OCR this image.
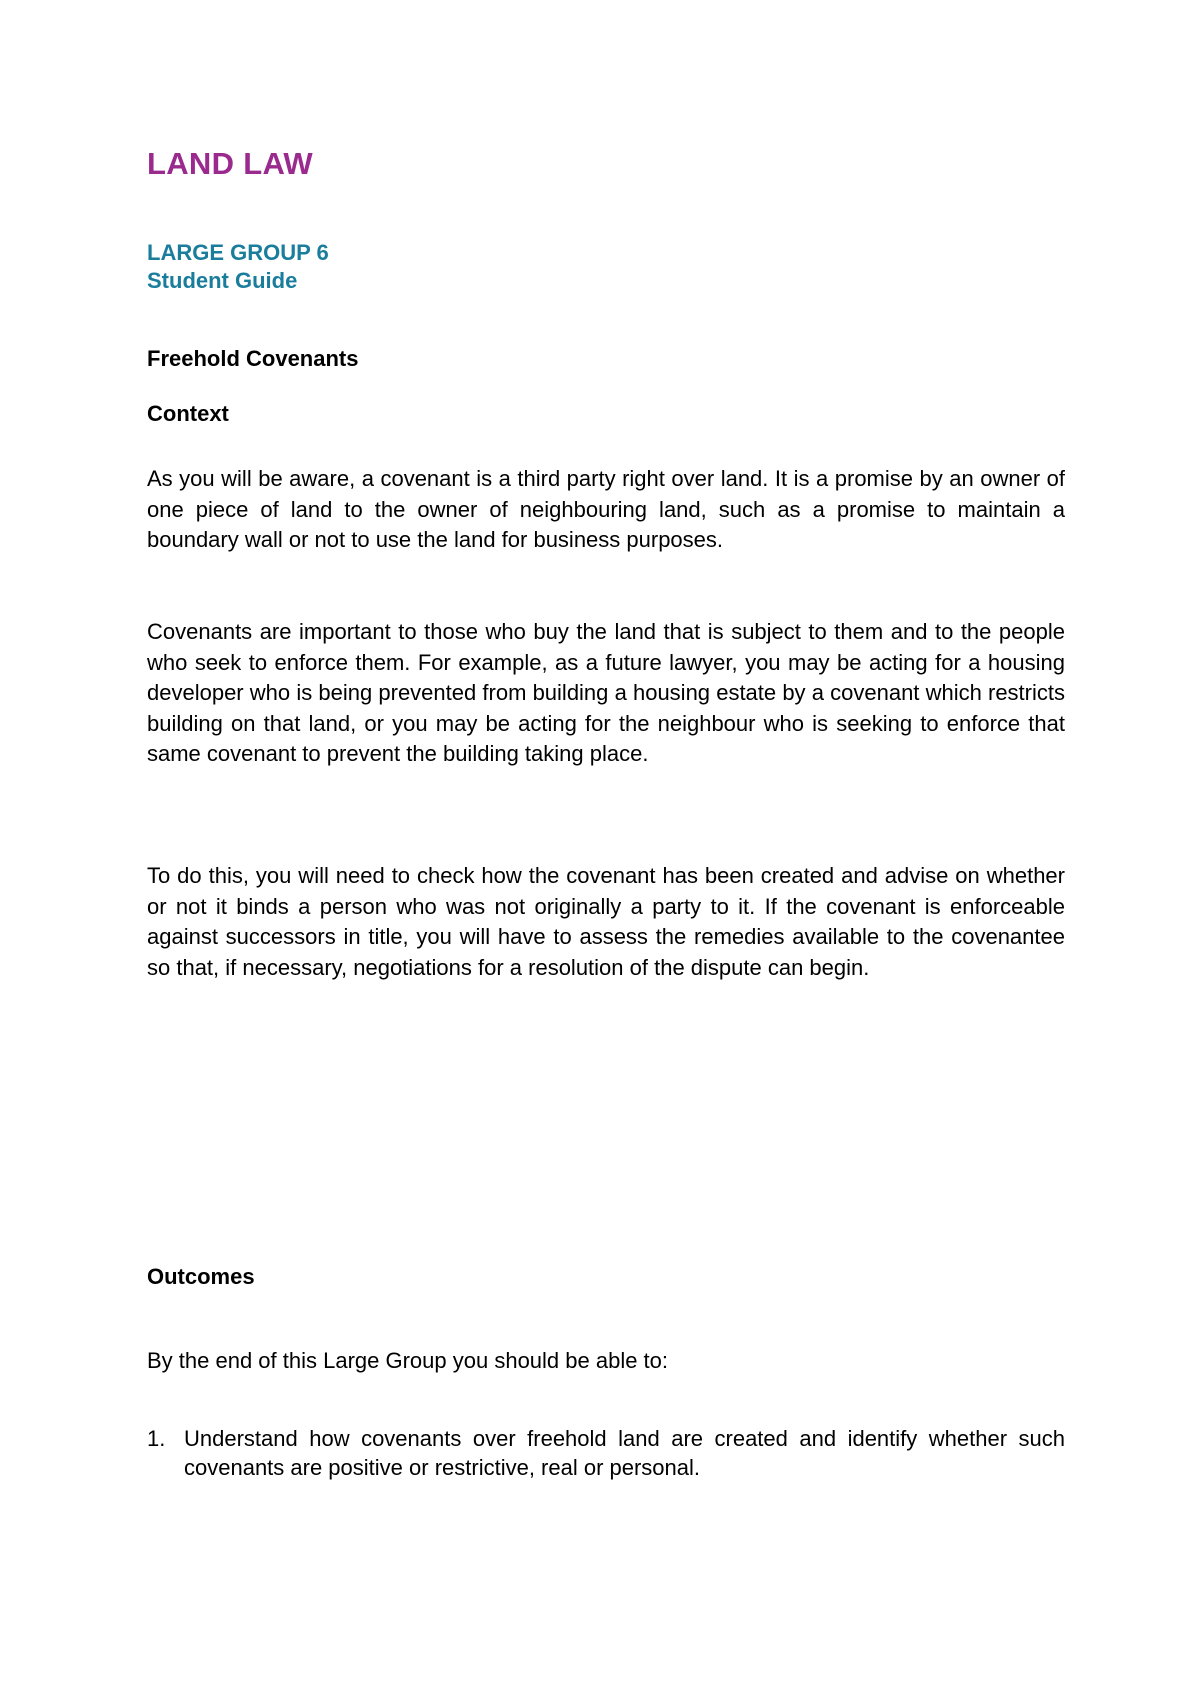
LAND LAW

LARGE GROUP 6

Student Guide

Freehold Covenants
Context

As you will be aware, a covenant is a third party right over land. It is a promise by an owner of one piece of land to the owner of neighbouring land, such as a promise to maintain a boundary wall or not to use the land for business purposes.

Covenants are important to those who buy the land that is subject to them and to the people who seek to enforce them. For example, as a future lawyer, you may be acting for a housing developer who is being prevented from building a housing estate by a covenant which restricts building on that land, or you may be acting for the neighbour who is seeking to enforce that same covenant to prevent the building taking place.

To do this, you will need to check how the covenant has been created and advise on whether or not it binds a person who was not originally a party to it. If the covenant is enforceable against successors in title, you will have to assess the remedies available to the covenantee so that, if necessary, negotiations for a resolution of the dispute can begin.

Outcomes

By the end of this Large Group you should be able to:

1. Understand how covenants over freehold land are created and identify whether such covenants are positive or restrictive, real or personal.
